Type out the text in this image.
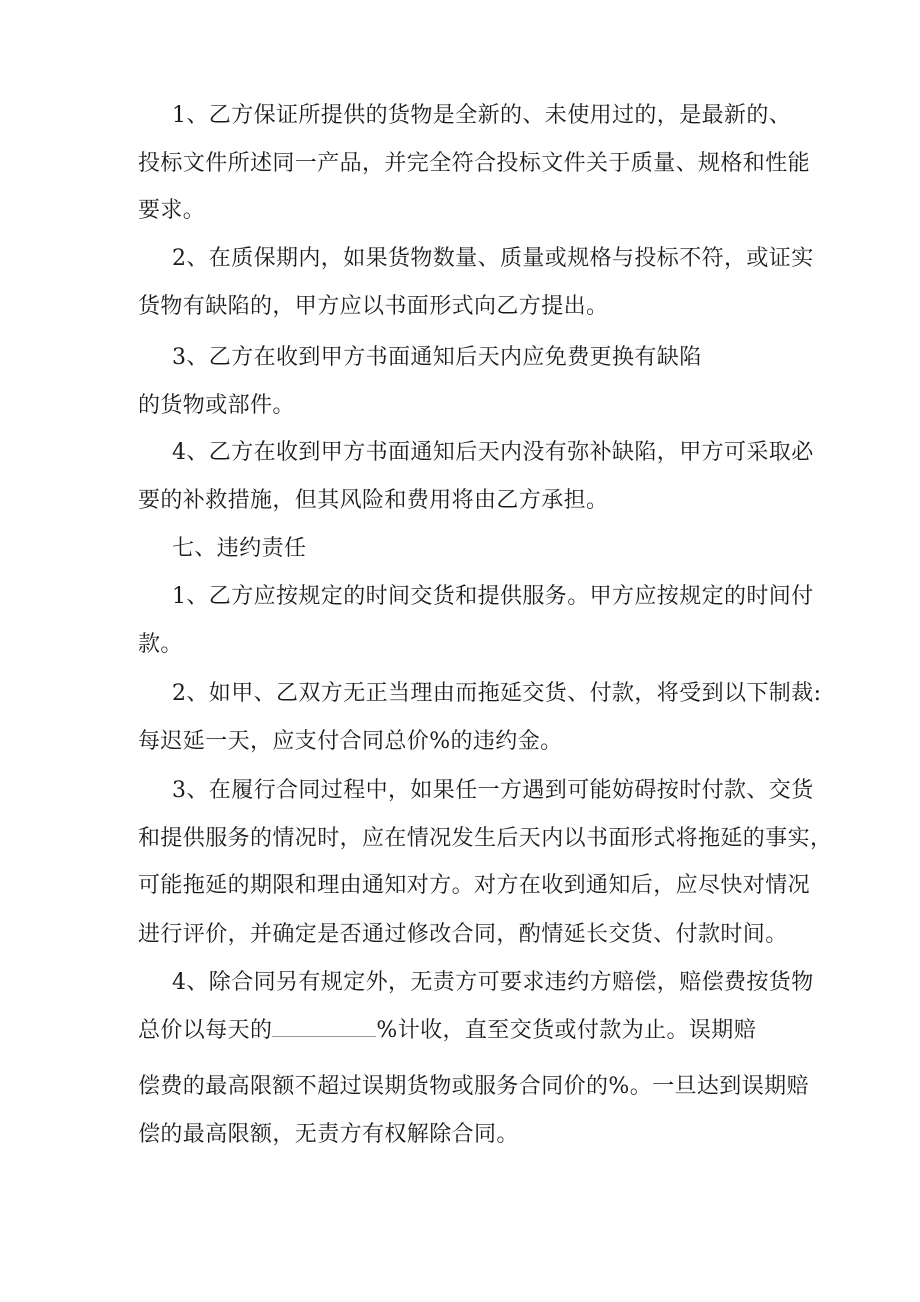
1、乙方保证所提供的货物是全新的、未使用过的，是最新的、
投标文件所述同一产品，并完全符合投标文件关于质量、规格和性能
要求。
2、在质保期内，如果货物数量、质量或规格与投标不符，或证实
货物有缺陷的，甲方应以书面形式向乙方提出。
3、乙方在收到甲方书面通知后天内应免费更换有缺陷
的货物或部件。
4、乙方在收到甲方书面通知后天内没有弥补缺陷，甲方可采取必
要的补救措施，但其风险和费用将由乙方承担。
七、违约责任
1、乙方应按规定的时间交货和提供服务。甲方应按规定的时间付
款。
2、如甲、乙双方无正当理由而拖延交货、付款，将受到以下制裁:
每迟延一天，应支付合同总价%的违约金。
3、在履行合同过程中，如果任一方遇到可能妨碍按时付款、交货
和提供服务的情况时，应在情况发生后天内以书面形式将拖延的事实，
可能拖延的期限和理由通知对方。对方在收到通知后，应尽快对情况
进行评价，并确定是否通过修改合同，酌情延长交货、付款时间。
4、除合同另有规定外，无责方可要求违约方赔偿，赔偿费按货物
总价以每天的	%计收，直至交货或付款为止。误期赔
偿费的最高限额不超过误期货物或服务合同价的%。一旦达到误期赔
偿的最高限额，无责方有权解除合同。
